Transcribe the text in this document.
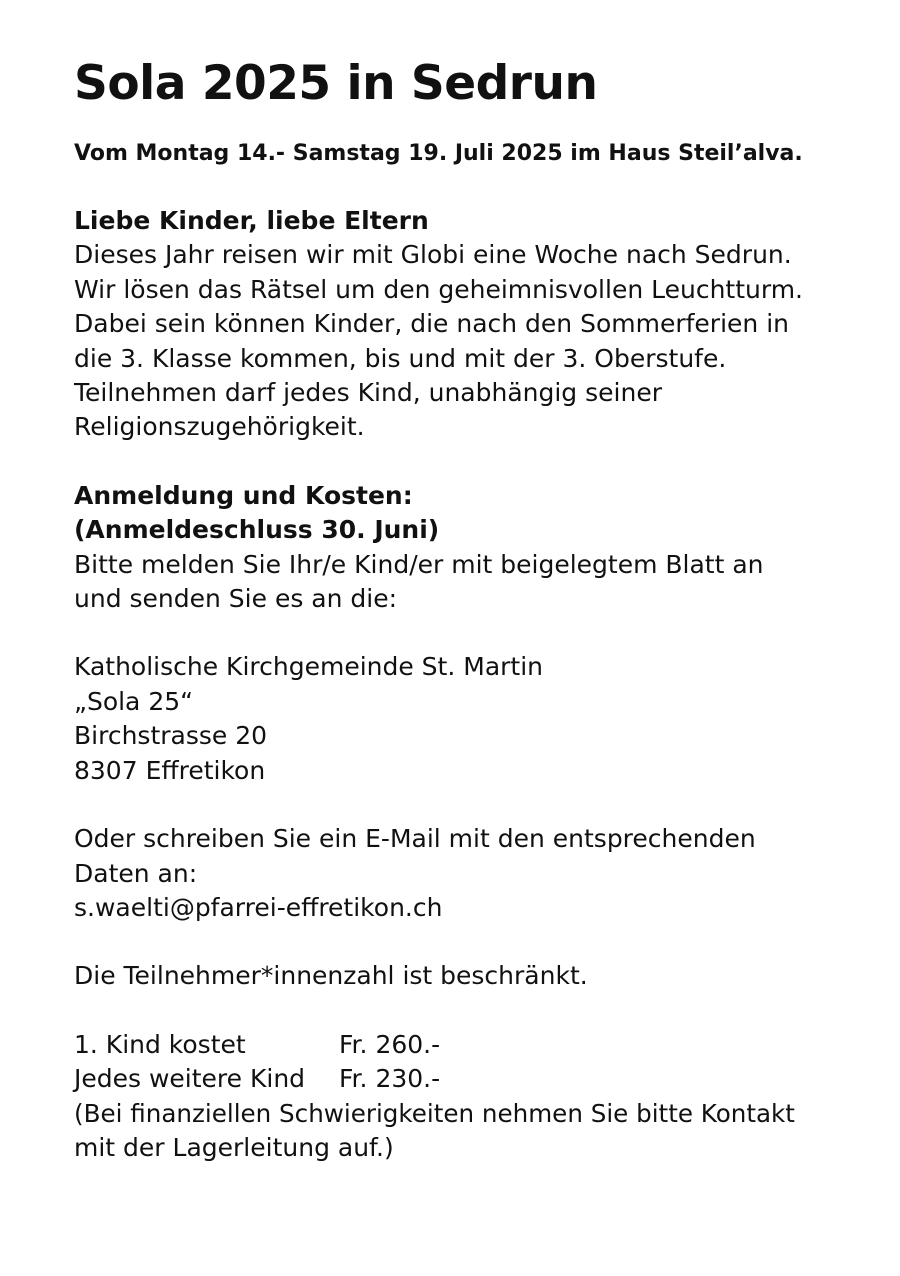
Sola 2025 in Sedrun

Vom Montag 14.- Samstag 19. Juli 2025 im Haus Steil’alva.

Liebe Kinder, liebe Eltern
Dieses Jahr reisen wir mit Globi eine Woche nach Sedrun.
Wir lösen das Rätsel um den geheimnisvollen Leuchtturm.
Dabei sein können Kinder, die nach den Sommerferien in
die 3. Klasse kommen, bis und mit der 3. Oberstufe.
Teilnehmen darf jedes Kind, unabhängig seiner
Religionszugehörigkeit.
Anmeldung und Kosten:
(Anmeldeschluss 30. Juni)
Bitte melden Sie Ihr/e Kind/er mit beigelegtem Blatt an
und senden Sie es an die:
Katholische Kirchgemeinde St. Martin
„Sola 25“
Birchstrasse 20
8307 Effretikon
Oder schreiben Sie ein E-Mail mit den entsprechenden
Daten an:
s.waelti@pfarrei-effretikon.ch
Die Teilnehmer*innenzahl ist beschränkt.
1. Kind kostet	Fr. 260.-
Jedes weitere Kind Fr. 230.-
(Bei finanziellen Schwierigkeiten nehmen Sie bitte Kontakt
mit der Lagerleitung auf.)
